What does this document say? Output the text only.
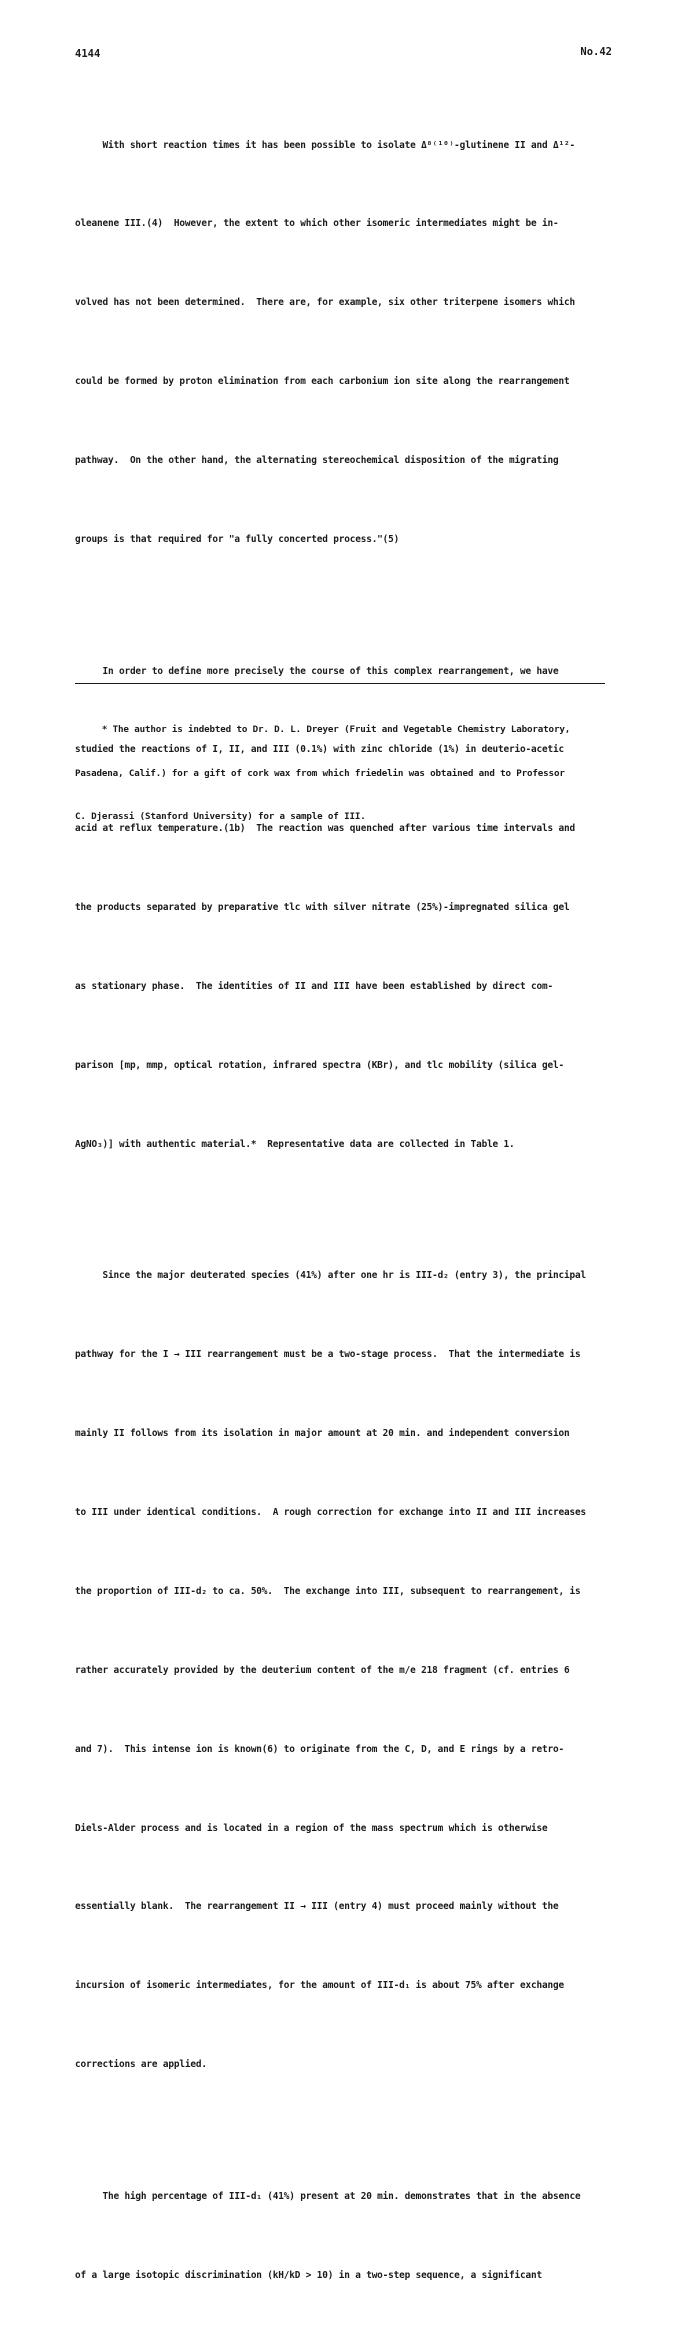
4144	No.42

With short reaction times it has been possible to isolate Δ⁸⁽¹⁰⁾-glutinene II and Δ¹²-

oleanene III.(4)  However, the extent to which other isomeric intermediates might be in-

volved has not been determined.  There are, for example, six other triterpene isomers which

could be formed by proton elimination from each carbonium ion site along the rearrangement

pathway.  On the other hand, the alternating stereochemical disposition of the migrating

groups is that required for "a fully concerted process."(5)

In order to define more precisely the course of this complex rearrangement, we have

studied the reactions of I, II, and III (0.1%) with zinc chloride (1%) in deuterio-acetic

acid at reflux temperature.(1b)  The reaction was quenched after various time intervals and

the products separated by preparative tlc with silver nitrate (25%)-impregnated silica gel

as stationary phase.  The identities of II and III have been established by direct com-

parison [mp, mmp, optical rotation, infrared spectra (KBr), and tlc mobility (silica gel-

AgNO₃)] with authentic material.*  Representative data are collected in Table 1.

Since the major deuterated species (41%) after one hr is III-d₂ (entry 3), the principal

pathway for the I → III rearrangement must be a two-stage process.  That the intermediate is

mainly II follows from its isolation in major amount at 20 min. and independent conversion

to III under identical conditions.  A rough correction for exchange into II and III increases

the proportion of III-d₂ to ca. 50%.  The exchange into III, subsequent to rearrangement, is

rather accurately provided by the deuterium content of the m/e 218 fragment (cf. entries 6

and 7).  This intense ion is known(6) to originate from the C, D, and E rings by a retro-

Diels-Alder process and is located in a region of the mass spectrum which is otherwise

essentially blank.  The rearrangement II → III (entry 4) must proceed mainly without the

incursion of isomeric intermediates, for the amount of III-d₁ is about 75% after exchange

corrections are applied.

The high percentage of III-d₁ (41%) present at 20 min. demonstrates that in the absence

of a large isotopic discrimination (kH/kD > 10) in a two-step sequence, a significant

* The author is indebted to Dr. D. L. Dreyer (Fruit and Vegetable Chemistry Laboratory,

Pasadena, Calif.) for a gift of cork wax from which friedelin was obtained and to Professor

C. Djerassi (Stanford University) for a sample of III.
